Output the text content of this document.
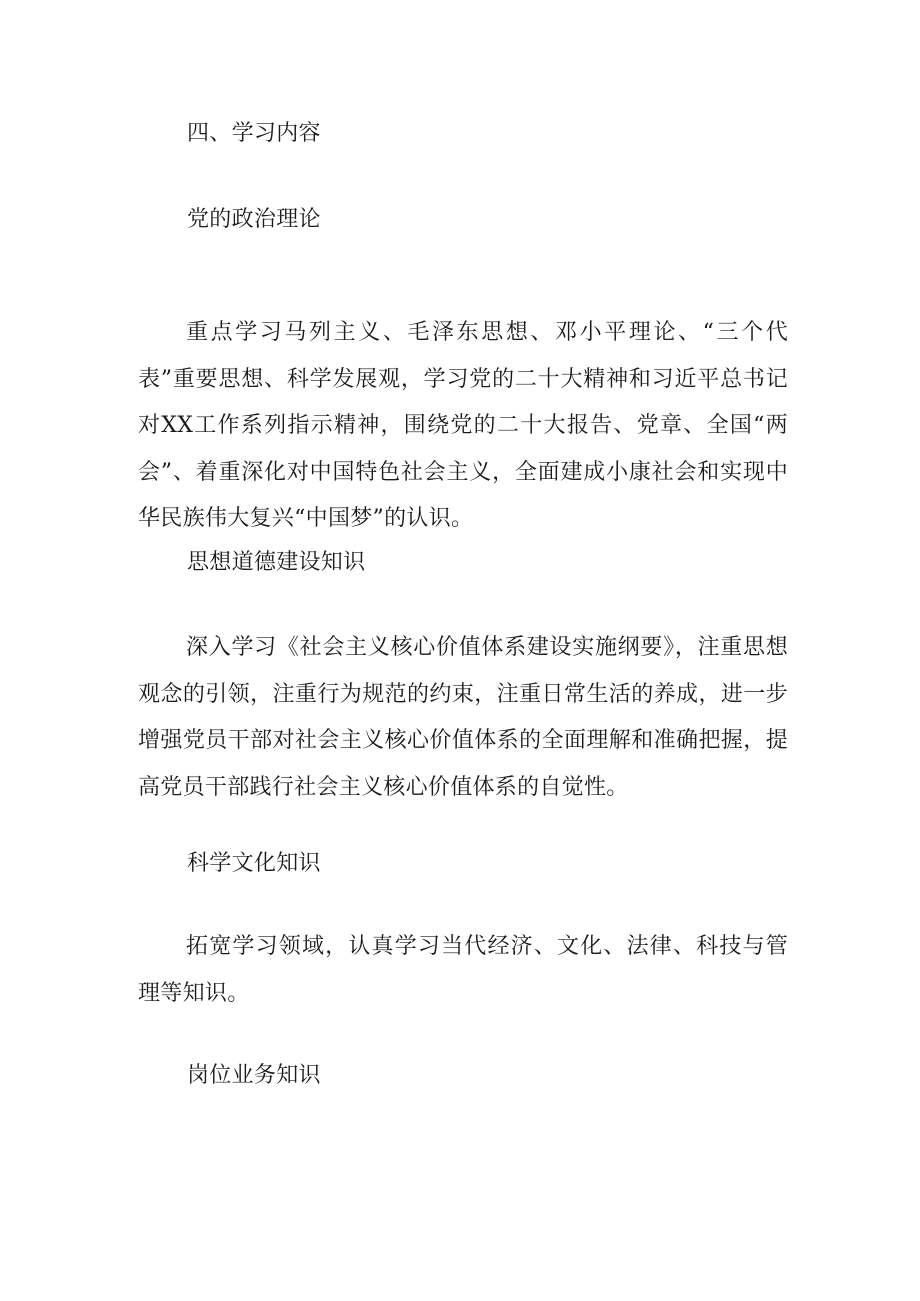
四、学习内容
党的政治理论
重点学习马列主义、毛泽东思想、邓小平理论、“三个代表”重要思想、科学发展观，学习党的二十大精神和习近平总书记对XX工作系列指示精神，围绕党的二十大报告、党章、全国“两会”、着重深化对中国特色社会主义，全面建成小康社会和实现中华民族伟大复兴“中国梦”的认识。
思想道德建设知识
深入学习《社会主义核心价值体系建设实施纲要》，注重思想观念的引领，注重行为规范的约束，注重日常生活的养成，进一步增强党员干部对社会主义核心价值体系的全面理解和准确把握，提高党员干部践行社会主义核心价值体系的自觉性。
科学文化知识
拓宽学习领域，认真学习当代经济、文化、法律、科技与管理等知识。
岗位业务知识
